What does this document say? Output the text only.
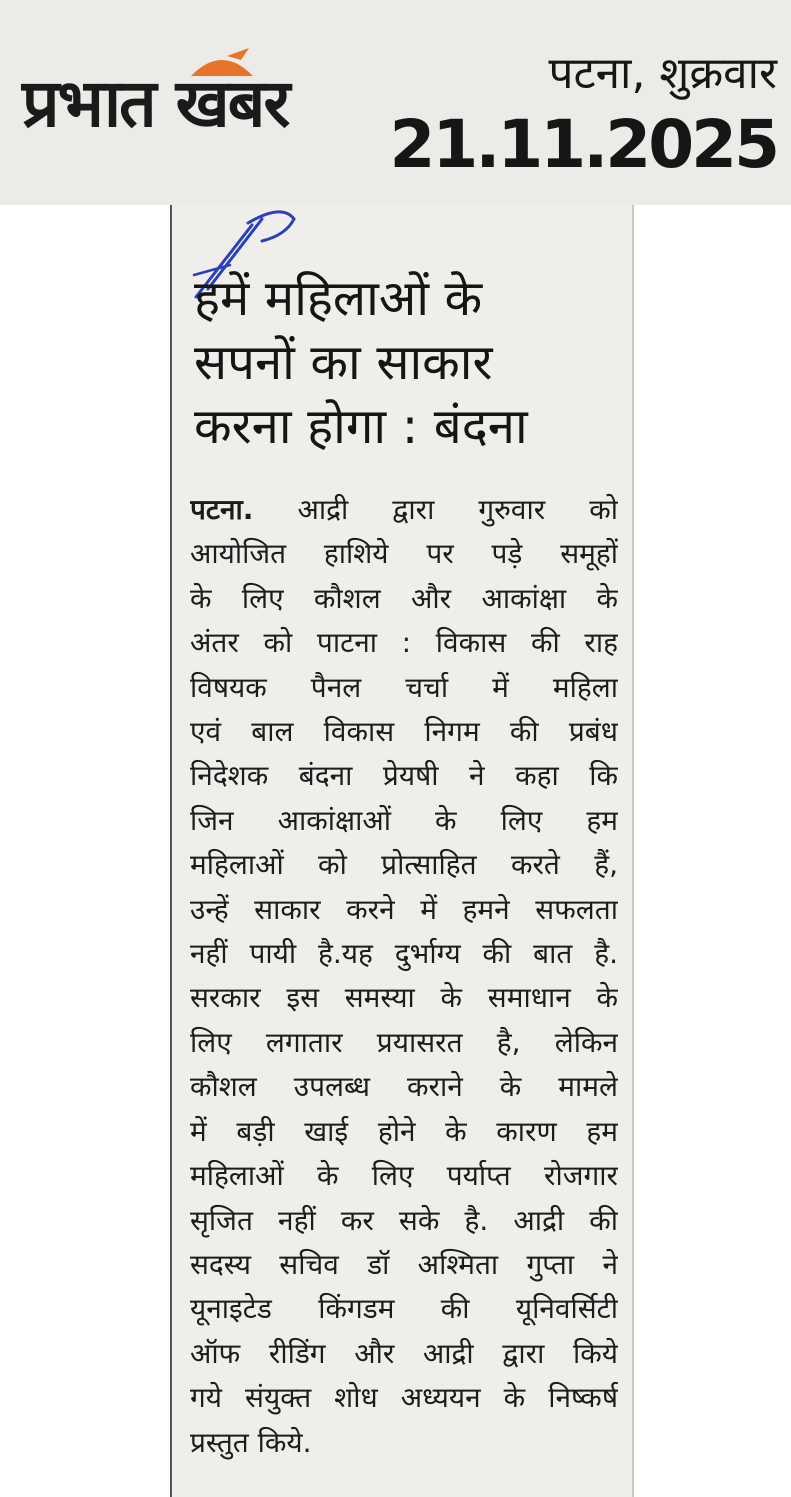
प्रभात खबर	पटना, शुक्रवार
21.11.2025
हमें महिलाओं के
सपनों का साकार
करना होगा : बंदना
पटना. आद्री द्वारा गुरुवार को
आयोजित हाशिये पर पड़े समूहों
के लिए कौशल और आकांक्षा के
अंतर को पाटना : विकास की राह
विषयक पैनल चर्चा में महिला
एवं बाल विकास निगम की प्रबंध
निदेशक बंदना प्रेयषी ने कहा कि
जिन आकांक्षाओं के लिए हम
महिलाओं को प्रोत्साहित करते हैं,
उन्हें साकार करने में हमने सफलता
नहीं पायी है.यह दुर्भाग्य की बात है.
सरकार इस समस्या के समाधान के
लिए लगातार प्रयासरत है, लेकिन
कौशल उपलब्ध कराने के मामले
में बड़ी खाई होने के कारण हम
महिलाओं के लिए पर्याप्त रोजगार
सृजित नहीं कर सके है. आद्री की
सदस्य सचिव डॉ अश्मिता गुप्ता ने
यूनाइटेड किंगडम की यूनिवर्सिटी
ऑफ रीडिंग और आद्री द्वारा किये
गये संयुक्त शोध अध्ययन के निष्कर्ष
प्रस्तुत किये.
